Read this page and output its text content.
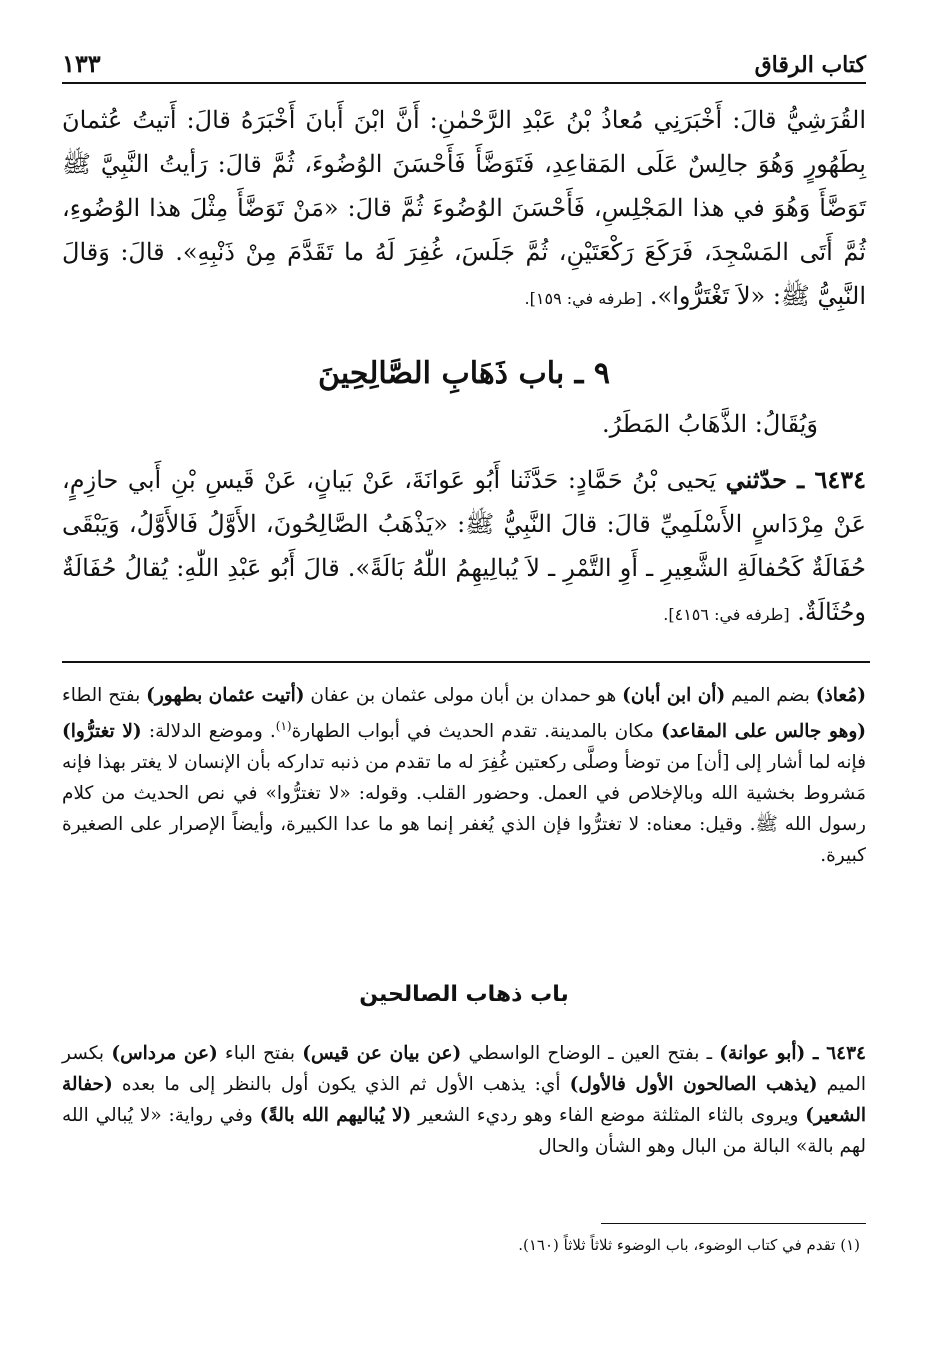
كتاب الرقاق
١٣٣

القُرَشِيُّ قالَ: أَخْبَرَنِي مُعاذُ بْنُ عَبْدِ الرَّحْمٰنِ: أَنَّ ابْنَ أَبانَ أَخْبَرَهُ قالَ: أَتيتُ عُثمانَ بِطَهُورٍ وَهُوَ جالِسٌ عَلَى المَقاعِدِ، فَتَوَضَّأَ فَأَحْسَنَ الوُضُوءَ، ثُمَّ قالَ: رَأيتُ النَّبِيَّ ﷺ تَوَضَّأَ وَهُوَ في هذا المَجْلِسِ، فَأَحْسَنَ الوُضُوءَ ثُمَّ قالَ: «مَنْ تَوَضَّأَ مِثْلَ هذا الوُضُوءِ، ثُمَّ أَتَى المَسْجِدَ، فَرَكَعَ رَكْعَتَيْنِ، ثُمَّ جَلَسَ، غُفِرَ لَهُ ما تَقَدَّمَ مِنْ ذَنْبِهِ». قالَ: وَقالَ النَّبِيُّ ﷺ: «لاَ تَغْتَرُّوا». [طرفه في: ١٥٩].

٩ ـ باب ذَهَابِ الصَّالِحِينَ
وَيُقَالُ: الذَّهَابُ المَطَرُ.

٦٤٣٤ ـ حدّثني يَحيى بْنُ حَمَّادٍ: حَدَّثَنا أَبُو عَوانَةَ، عَنْ بَيانٍ، عَنْ قَيسِ بْنِ أَبي حازِمٍ، عَنْ مِرْدَاسٍ الأَسْلَمِيِّ قالَ: قالَ النَّبِيُّ ﷺ: «يَذْهَبُ الصَّالِحُونَ، الأَوَّلُ فَالأَوَّلُ، وَيَبْقَى حُفَالَةٌ كَحُفالَةِ الشَّعِيرِ ـ أَوِ التَّمْرِ ـ لاَ يُبالِيهِمُ اللّٰهُ بَالَةً». قالَ أَبُو عَبْدِ اللّٰهِ: يُقالُ حُفَالَةٌ وحُثَالَةٌ. [طرفه في: ٤١٥٦].

(مُعاذ) بضم الميم (أن ابن أبان) هو حمدان بن أبان مولى عثمان بن عفان (أتيت عثمان بطهور) بفتح الطاء (وهو جالس على المقاعد) مكان بالمدينة. تقدم الحديث في أبواب الطهارة$^{(١)}$. وموضع الدلالة: (لا تغترُّوا) فإنه لما أشار إلى [أن] من توضأ وصلَّى ركعتين غُفِرَ له ما تقدم من ذنبه تداركه بأن الإنسان لا يغتر بهذا فإنه مَشروط بخشية الله وبالإخلاص في العمل. وحضور القلب. وقوله: «لا تغترُّوا» في نص الحديث من كلام رسول الله ﷺ. وقيل: معناه: لا تغترُّوا فإن الذي يُغفر إنما هو ما عدا الكبيرة، وأيضاً الإصرار على الصغيرة كبيرة.

باب ذهاب الصالحين

٦٤٣٤ ـ (أبو عوانة) ـ بفتح العين ـ الوضاح الواسطي (عن بيان عن قيس) بفتح الباء (عن مرداس) بكسر الميم (يذهب الصالحون الأول فالأول) أي: يذهب الأول ثم الذي يكون أول بالنظر إلى ما بعده (حفالة الشعير) ويروى بالثاء المثلثة موضع الفاء وهو رديء الشعير (لا يُباليهم الله بالةً) وفي رواية: «لا يُبالي الله لهم بالة» البالة من البال وهو الشأن والحال

(١) تقدم في كتاب الوضوء، باب الوضوء ثلاثاً ثلاثاً (١٦٠).
